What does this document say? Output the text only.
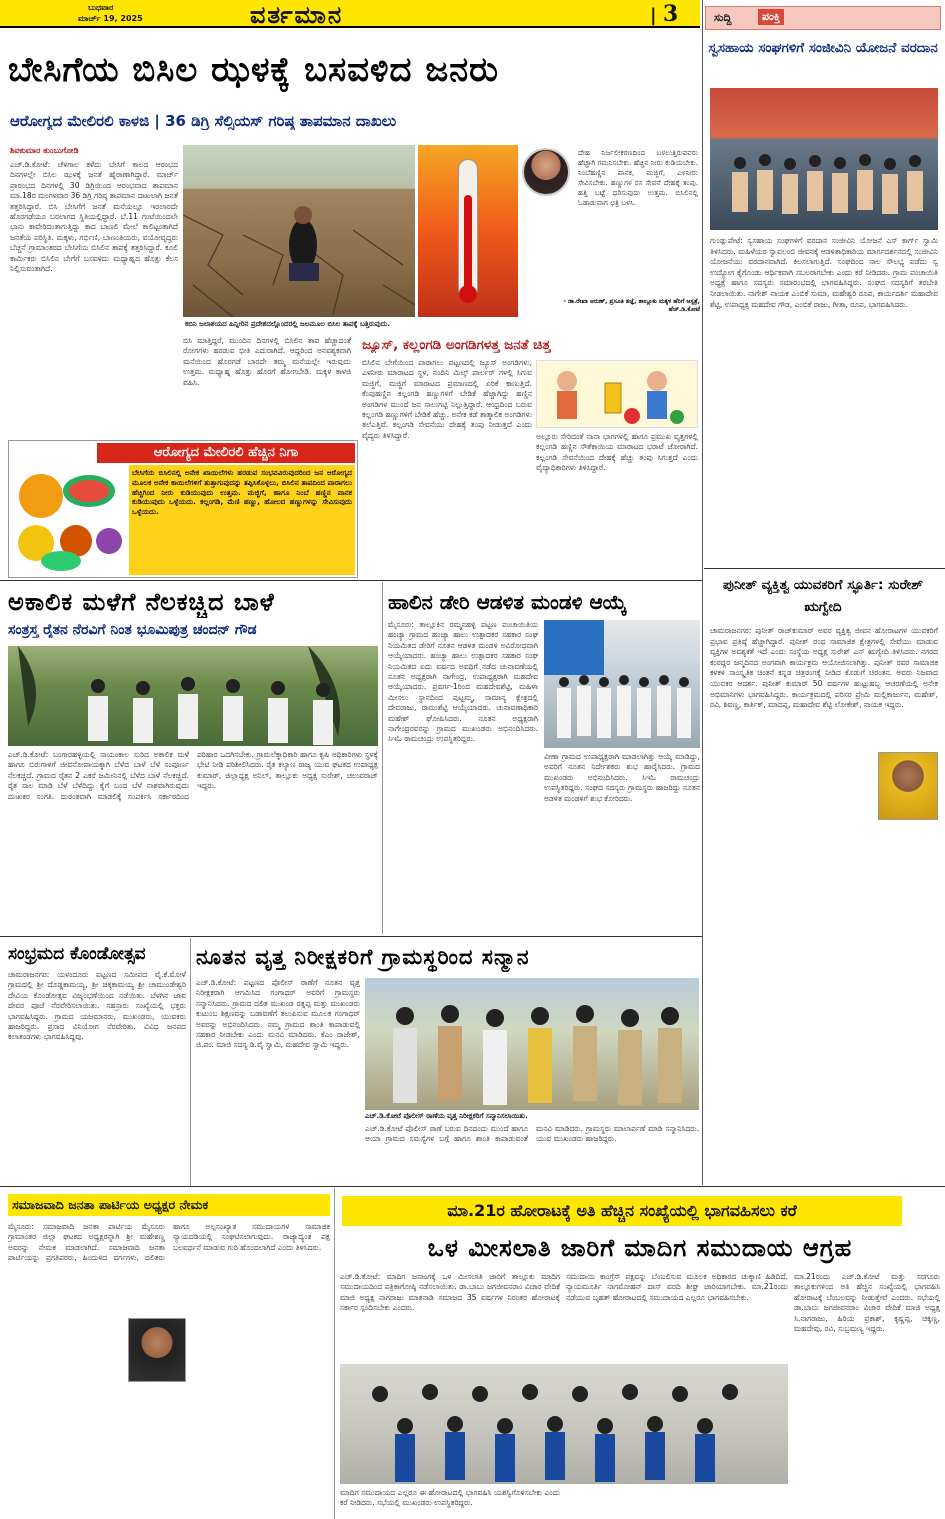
ಬುಧವಾರ
ಮಾರ್ಚ್ 19, 2025	ವರ್ತಮಾನ	| 3	ಸುದ್ದಿ	ಪಂಕ್ತಿ
ಬೇಸಿಗೆಯ ಬಿಸಿಲ ಝಳಕ್ಕೆ ಬಸವಳಿದ ಜನರು
ಆರೋಗ್ಯದ ಮೇಲಿರಲಿ ಕಾಳಜಿ | 36 ಡಿಗ್ರಿ ಸೆಲ್ಸಿಯಸ್ ಗರಿಷ್ಠ ತಾಪಮಾನ ದಾಖಲು
ಶಿವಕುಮಾರ ತುಂಬುಗೋಡಿ
ಎಚ್.ಡಿ.ಕೋಟೆ: ಚೆಳಿಗಾಲ ಕಳೆದು ಬೇಸಿಗೆ ಕಾಲದ ಆರಂಭದ ದಿನಗಳಲ್ಲೇ ಬಿಸಿಲ ಝಳಕ್ಕೆ ಜನತೆ ಹೈರಾಣಾಗಿದ್ದಾರೆ. ಮಾರ್ಚ್ ಪ್ರಾರಂಭದ ದಿನಗಳಲ್ಲಿ 30 ಡಿಗ್ರಿಯಿಂದ ಆರಂಭವಾದ ತಾಪಮಾನ ಮಾ.18ರ ಮಂಗಳವಾರ 36 ಡಿಗ್ರಿ ಗರಿಷ್ಠ ತಾಪಮಾನ ದಾಖಲಾಗಿ ಜನತೆ ತತ್ತರಿಸಿದ್ದಾರೆ. ಬಿಸಿ ಬೇಸಿಗೆಗೆ ಜನತೆ ಮನೆಯಲ್ಲೂ ಇರಲಾರದೇ ಹೊರಗಡೆಯೂ ಬರಲಾಗದ ಸ್ಥಿತಿಯಲ್ಲಿದ್ದಾರೆ. ಬೆ.11 ಗಂಟೆಯಿಂದಲೇ ಭಾನು ಕಾವೇರಿದಂತಾಗುತ್ತಿದ್ದು ಕಾದ ಬಾಣಲಿ ಮೇಲೆ ಕಾಲಿಟ್ಟಂತಾಗಿದೆ ಜನತೆಯ ಪರಿಸ್ಥಿತಿ. ಮಕ್ಕಳು, ಗರ್ಭಿಣಿ, ಬಾಣಂತಿಯರು, ವಯೋವೃದ್ಧರು ಬೆಚ್ಚನೆ ಗ್ರಾಮಾಂತರದ ಬೇಸಿಗೆಯ ಬಿಸಿಲಿನ ತಾಪಕ್ಕೆ ತತ್ತರಿಸಿದ್ದಾರೆ. ಕೂಲಿ ಕಾರ್ಮಿಕರು ಬಿಸಿಲಿನ ಬೇಗೆಗೆ ಬಸವಳಿದು ಮಧ್ಯಾಹ್ನದ ಹೊತ್ತು ಕೆಲಸ ನಿಲ್ಲಿಸುವಂತಾಗಿದೆ.
ದೇಹ ನಿರ್ಜಲೀಕರಣದಿಂದ ಬಳಲುತ್ತಿರುವವರು ಹೆಚ್ಚಾಗಿ ಗಮನಿಸಬೇಕು. ಹೆಚ್ಚಿನ ನೀರು ಕುಡಿಯಬೇಕು. ನಿಂಬೆಹಣ್ಣಿನ ಪಾನಕ, ಮಜ್ಜಿಗೆ, ಎಳನೀರು ಸೇವಿಸಬೇಕು. ಹಣ್ಣುಗಳ ರಸ ಸೇವನೆ ದೇಹಕ್ಕೆ ತಂಪು. ಹತ್ತಿ ಬಟ್ಟೆ ಧರಿಸುವುದು ಉತ್ತಮ. ಬಿಸಿಲಿನಲ್ಲಿ ಓಡಾಡುವಾಗ ಛತ್ರಿ ಬಳಸಿ.
- ಡಾ.ರೇಖಾ ಅರುಣ್, ಪ್ರಸೂತಿ ತಜ್ಞೆ, ತಾಲ್ಲೂಕು ಮಕ್ಕಳ ಹೆರಿಗೆ ಆಸ್ಪತ್ರೆ, ಹೆಚ್.ಡಿ.ಕೋಟೆ
ಕಬಿನಿ ಜಲಾಶಯದ ಹಿನ್ನೀರಿನ ಪ್ರದೇಶದಲ್ಲೊಂದರಲ್ಲಿ ಜಲಮೂಲ ಬಿಸಿಲ ತಾಪಕ್ಕೆ ಬತ್ತಿರುವುದು.
ಬಿಸಿ ಮಾತ್ತಿದ್ದರೆ, ಮುಂದಿನ ದಿನಗಳಲ್ಲಿ ಬಿಸಿಲಿನ ತಾಪ ಹೆಚ್ಚಾದಂತೆ ರೋಗಗಳು ಹರಡುವ ಭೀತಿ ಎದುರಾಗಿದೆ. ಆದ್ದರಿಂದ ಅನವಶ್ಯಕವಾಗಿ ಮನೆಯಿಂದ ಹೊರಗಡೆ ಬಾರದೇ ತಮ್ಮ ಮನೆಯಲ್ಲೇ ಇರುವುದು ಉತ್ತಮ. ಮಧ್ಯಾಹ್ನ ಹೊತ್ತು ಹೊರಗೆ ಹೋಗಬೇಡಿ. ಮಕ್ಕಳ ಕಾಳಜಿ ವಹಿಸಿ.
ಜ್ಯೂಸ್, ಕಲ್ಲಂಗಡಿ ಅಂಗಡಿಗಳತ್ತ ಜನತೆ ಚಿತ್ತ
ಬಿಸಿಲಿನ ಬೇಗೆಯಿಂದ ಪಾರಾಗಲು ಪಟ್ಟಣದಲ್ಲಿ ಜ್ಯೂಸ್ ಅಂಗಡಿಗಳು, ಎಳನೀರು ಮಾರಾಟದ ಸ್ಥಳ, ನಂದಿನಿ ಮಿಲ್ಕ್ ಪಾರ್ಲರ್ ಗಳಲ್ಲಿ ಸಿಗುವ ಮಜ್ಜಿಗೆ, ಮಜ್ಜಿಗೆ ಮಾರಾಟದ ಪ್ರಮಾಣದಲ್ಲಿ ಏರಿಕೆ ಕಾಣುತ್ತಿದೆ. ಕೆಂಪುಹಣ್ಣಿನ ಕಲ್ಲಂಗಡಿ ಹಣ್ಣುಗಳಿಗೆ ಬೇಡಿಕೆ ಹೆಚ್ಚಾಗಿದ್ದು ಹಣ್ಣಿನ ಅಂಗಡಿಗಳ ಮುಂದೆ ಜನ ಸಾಲುಗಟ್ಟಿ ನಿಲ್ಲುತ್ತಿದ್ದಾರೆ. ಆಂಧ್ರದಿಂದ ಬರುವ ಕಲ್ಲಂಗಡಿ ಹಣ್ಣುಗಳಿಗೆ ಬೇಡಿಕೆ ಹೆಚ್ಚು. ಅನೇಕ ಕಡೆ ತಾತ್ಕಾಲಿಕ ಅಂಗಡಿಗಳು ತಲೆಎತ್ತಿವೆ. ಕಲ್ಲಂಗಡಿ ಸೇವನೆಯು ದೇಹಕ್ಕೆ ತಂಪು ನೀಡುತ್ತದೆ ಎಂದು ವೈದ್ಯರು ತಿಳಿಸಿದ್ದಾರೆ.	ಅಲ್ಲೂರು ಸೇರಿದಂತೆ ನಾನಾ ಭಾಗಗಳಲ್ಲಿ ಹಾಗೂ ಪ್ರಮುಖ ವೃತ್ತಗಳಲ್ಲಿ ಕಲ್ಲಂಗಡಿ ಹಣ್ಣಿನ ಸೌತೆಕಾಯಿಯ ಮಾರಾಟದ ಭರಾಟೆ ಜೋರಾಗಿದೆ. ಕಲ್ಲಂಗಡಿ ಸೇವನೆಯಿಂದ ದೇಹಕ್ಕೆ ಹೆಚ್ಚು ತಂಪು ಸಿಗುತ್ತದೆ ಎಂದು ವೈದ್ಯಾಧಿಕಾರಿಗಳು ತಿಳಿಸಿದ್ದಾರೆ.
ಆರೋಗ್ಯದ ಮೇಲಿರಲಿ ಹೆಚ್ಚಿನ ನಿಗಾ
ಬೇಸಿಗೆಯ ಬಿಸಿಲಿನಲ್ಲಿ ಅನೇಕ ಖಾಯಿಲೆಗಳು ಹರಡುವ ಸಂಭವವಿರುವುದರಿಂದ ಜನ ಆರೋಗ್ಯದ ಮೂಲಕ ಅನೇಕ ಕಾಯಿಲೆಗಳಿಗೆ ತುತ್ತಾಗುವುದನ್ನು ತಪ್ಪಿಸಿಕೊಳ್ಳಲು, ಬಿಸಿಲಿನ ತಾಪದಿಂದ ಪಾರಾಗಲು ಹೆಚ್ಚಿಗಿಂದ ನೀರು ಕುಡಿಯುವುದು ಉತ್ತಮ. ಮಜ್ಜಿಗೆ, ಹಾಗೂ ನಿಂಬೆ ಹಣ್ಣಿನ ಪಾನಕ ಕುಡಿಯುವುದು ಒಳ್ಳೆಯದು. ಕಲ್ಲಂಗಡಿ, ಮೆಣಿ ಹಣ್ಣು, ಹೋಲದ ಹಣ್ಣುಗಳನ್ನು ಸೇವಿಸುವುದು ಒಳ್ಳೆಯದು.
ಸ್ವಸಹಾಯ ಸಂಘಗಳಿಗೆ ಸಂಜೀವಿನಿ ಯೋಜನೆ ವರದಾನ
ಗುಂಡ್ಲುಪೇಟೆ: ಸ್ವಸಹಾಯ ಸಂಘಗಳಿಗೆ ವರದಾನ ಸಂಜೀವಿನಿ ಯೋಜನೆ ಎಸ್ ಕಾರ್ಗ್ ಸ್ವಾಮಿ ತಿಳಿಸಿದರು. ಮಹಿಳೆಯರ ಸ್ವಾವಲಂಬಿ ಜೀವನಕ್ಕೆ ಆಡಳಿತಾಧಿಕಾರಿಯ ಮಾರ್ಗದರ್ಶನದಲ್ಲಿ ಸಂಜೀವಿನಿ ಯೋಜನೆಯು ವರದಾನವಾಗಿದೆ. ಕಿಲಸಲಾಗುತ್ತಿದೆ. ಸಂಘದಿಂದ ಸಾಲ ಸೌಲಭ್ಯ ಪಡೆದು ಸ್ವ ಉದ್ಯೋಗ ಕೈಗೊಂಡು ಆರ್ಥಿಕವಾಗಿ ಸಬಲರಾಗಬೇಕು ಎಂದು ಕರೆ ನೀಡಿದರು. ಗ್ರಾಮ ಪಂಚಾಯಿತಿ ಅಧ್ಯಕ್ಷೆ ಹಾಗೂ ಸದಸ್ಯರು ಸಮಾರಂಭದಲ್ಲಿ ಭಾಗವಹಿಸಿದ್ದರು. ಸಂಘದ ಸದಸ್ಯರಿಗೆ ತರಬೇತಿ ನೀಡಲಾಯಿತು. ನಾಗೇಶ್ ನಾಯಕ ಎಂಬಿಕೆ ಸುಮಾ, ಮಹೇಶ್ವರಿ ರೂಪ, ಕಾರ್ಯದರ್ಶಿ ಮಹಾದೇವ ಶೆಟ್ಟಿ, ಉಪಾಧ್ಯಕ್ಷ ಮಹದೇವ ಗೌಡ, ಎಂಬಿಕೆ ರಾಜು, ಗೀತಾ, ರೂಪ, ಭಾಗವಹಿಸಿದರು.
ಪುನೀತ್ ವ್ಯಕ್ತಿತ್ವ ಯುವಕರಿಗೆ ಸ್ಫೂರ್ತಿ: ಸುರೇಶ್ ಋಗ್ವೇದಿ
ಚಾಮರಾಜನಗರ: ಪುನೀತ್ ರಾಜ್‌ಕುಮಾರ್ ಅವರ ವ್ಯಕ್ತಿತ್ವ ಜೀವನ ಹೋರಾಟಗಳ ಯುವಕರಿಗೆ ಪ್ರಭಾವ ಪ್ರತಿಷ್ಠೆ ಹೆಚ್ಚಾಗಿದ್ದಾರೆ. ಪುನೀತ್ ರಂಥ ಸಾಮಾಜಿಕ ಕ್ಷೇತ್ರಗಳಲ್ಲಿ ಸೇವೆಯು ಮಾಡುವ ವ್ಯಕ್ತಿಗಳ ಅವಶ್ಯಕತೆ ಇದೆ ಎಂದು ಸಂಸ್ಥೆಯ ಅಧ್ಯಕ್ಷ ಸುರೇಶ್ ಎನ್ ಋಗ್ವೇದಿ ತಿಳಿಸಿದರು. ನಗರದ ಕಂಠದ್ದರ ಜನ್ಮದಿನದ ಅಂಗವಾಗಿ ಕಾರ್ಯಕ್ರಮ ಆಯೋಜಿಸಲಾಗಿತ್ತು. ಪುನೀತ್ ರವರ ಸಾಮಾಜಿಕ ಕಳಕಳಿ ಸಾಂಸ್ಕೃತಿಕ ಚಿಂತನೆ ಕನ್ನಡ ಚಿತ್ರರಂಗಕ್ಕೆ ನೀಡಿದ ಕೊಡುಗೆ ಚಿರಂತನ. ಅವರು ನಿಜವಾದ ಯುವಕರ ಆದರ್ಶ. ಪುನೀತ್ ಕುಮಾರ್ 50 ವರ್ಷಗಳ ಹುಟ್ಟುಹಬ್ಬ ಆಚರಣೆಯಲ್ಲಿ ಅನೇಕ ಅಭಿಮಾನಿಗಳು ಭಾಗವಹಿಸಿದ್ದರು. ಕಾರ್ಯಕ್ರಮದಲ್ಲಿ ಪರಿಸರ ಪ್ರೇಮಿ ಮಲ್ಲಿಕಾರ್ಜುನ, ಮಹೇಶ್, ರವಿ, ಶಿವಣ್ಣ, ಕಾರ್ತಿಕ್, ಮಾದಪ್ಪ, ಮಹಾದೇವ ಶೆಟ್ಟಿ ಲೋಕೇಶ್, ನಾಯಕ ಇದ್ದರು.
ಅಕಾಲಿಕ ಮಳೆಗೆ ನೆಲಕಚ್ಚಿದ ಬಾಳೆ
ಸಂತ್ರಸ್ತ ರೈತನ ನೆರವಿಗೆ ನಿಂತ ಭೂಮಿಪುತ್ರ ಚಂದನ್ ಗೌಡ
ಎಚ್.ಡಿ.ಕೋಟೆ: ಬಂಗಾರಹಳ್ಳಿಯಲ್ಲಿ ಸಾಯಂಕಾಲ ಸುರಿದ ಅಕಾಲಿಕ ಮಳೆ ಹಾಗೂ ಬಿರುಗಾಳಿಗೆ ಜೀವನೋಪಾಯಕ್ಕಾಗಿ ಬೆಳೆದ ಬಾಳೆ ಬೆಳೆ ಸಂಪೂರ್ಣ ನೆಲಕಚ್ಚಿದೆ. ಗ್ರಾಮದ ರೈತನ 2 ಎಕರೆ ಜಮೀನಿನಲ್ಲಿ ಬೆಳೆದ ಬಾಳೆ ನೆಲಕಚ್ಚಿದೆ. ರೈತ ಸಾಲ ಮಾಡಿ ಬೆಳೆ ಬೆಳೆದಿದ್ದು ಕೈಗೆ ಬಂದ ಬೆಳೆ ನಾಶವಾಗಿರುವುದು ದುಃಖಕರ ಸಂಗತಿ. ದುರಂತವಾಗಿ ಮಾಡಲಿಕ್ಕೆ ಸಂಪರ್ಕಿಸಿ ಸರ್ಕಾರದಿಂದ ಪರಿಹಾರ ಒದಗಿಸಬೇಕು. ಗ್ರಾಮಲೆಕ್ಕಾಧಿಕಾರಿ ಹಾಗೂ ಕೃಷಿ ಅಧಿಕಾರಿಗಳು ಸ್ಥಳಕ್ಕೆ ಭೇಟಿ ನೀಡಿ ಪರಿಶೀಲಿಸಿದರು. ರೈತ ಕಲ್ಯಾಣ ರಾಜ್ಯ ಯುವ ಘಟಕದ ಉಪಾಧ್ಯಕ್ಷ ಕುಮಾರ್, ಜಿಲ್ಲಾಧ್ಯಕ್ಷ ಅನಿಲ್, ತಾಲ್ಲೂಕು ಅಧ್ಯಕ್ಷ ಸುರೇಶ್, ಚಲುವರಾಜ್ ಇದ್ದರು.
ಹಾಲಿನ ಡೇರಿ ಆಡಳಿತ ಮಂಡಳಿ ಆಯ್ಕೆ
ಮೈಸೂರು: ತಾಲ್ಲೂಕಿನ ರಮ್ಮನಹಳ್ಳಿ ಪಟ್ಟಣ ಪಂಚಾಯಿತಿಯ ಹಂಚ್ಯಾ ಗ್ರಾಮದ ಹಂಚ್ಯಾ ಹಾಲು ಉತ್ಪಾದಕರ ಸಹಕಾರ ಸಂಘ ನಿಯಮಿತದ ಡೇರಿಗೆ ನೂತನ ಆಡಳಿತ ಮಂಡಳಿ ಅವಿರೋಧವಾಗಿ ಆಯ್ಕೆಯಾದರು. ಹಂಚ್ಯಾ ಹಾಲು ಉತ್ಪಾದಕರ ಸಹಕಾರ ಸಂಘ ನಿಯಮಿತದ ಐದು ವರ್ಷದ ಅವಧಿಗೆ ನಡೆದ ಚುನಾವಣೆಯಲ್ಲಿ ನೂತನ ಅಧ್ಯಕ್ಷರಾಗಿ ನಾಗೇಂದ್ರ, ಉಪಾಧ್ಯಕ್ಷರಾಗಿ ಮಹದೇವ ಆಯ್ಕೆಯಾದರು. ಪ್ರವರ್ಗ-1ರಿಂದ ಮಹದೇವಶೆಟ್ಟಿ, ಮಹಿಳಾ ಮೀಸಲು ಸ್ಥಾನದಿಂದ ಪುಟ್ಟಮ್ಮ, ಸಾಮಾನ್ಯ ಕ್ಷೇತ್ರದಲ್ಲಿ ದೇವರಾಜು, ರಾಮುಶೆಟ್ಟಿ ಆಯ್ಕೆಯಾದರು. ಚುನಾವಣಾಧಿಕಾರಿ ಮಹೇಶ್ ಘೋಷಿಸಿದರು. ನೂತನ ಅಧ್ಯಕ್ಷರಾಗಿ ನಾಗೇಂದ್ರರವರನ್ನು ಗ್ರಾಮದ ಮುಖಂಡರು ಅಭಿನಂದಿಸಿದರು. ಸಿಇಓ ರಾಮಚಂದ್ರು ಉಪಸ್ಥಿತರಿದ್ದರು.
ವೀಣಾ ಗ್ರಾಮದ ಉಪಾಧ್ಯಕ್ಷರಾಗಿ ಮಾಡಲಾಗಿತ್ತು ಆಯ್ಕೆ ಮಾಡಿದ್ದು, ಅವರಿಗೆ ನೂತನ ನಿರ್ದೇಶಕರು ಶುಭ ಹಾರೈಸಿದರು. ಗ್ರಾಮದ ಮುಖಂಡರು ಅಭಿನಂದಿಸಿದರು. ಸಿಇಓ ರಾಮಚಂದ್ರು ಉಪಸ್ಥಿತರಿದ್ದರು. ಸಂಘದ ಸದಸ್ಯರು ಗ್ರಾಮಸ್ಥರು ಹಾಜರಿದ್ದು ನೂತನ ಆಡಳಿತ ಮಂಡಳಿಗೆ ಶುಭ ಕೋರಿದರು.
ಸಂಭ್ರಮದ ಕೊಂಡೋತ್ಸವ
ಚಾಮರಾಜನಗರ: ಯಳಂದೂರು ಪಟ್ಟಣದ ಸಮೀಪದ ವೈ.ಕೆ.ಮೋಳೆ ಗ್ರಾಮದಲ್ಲಿ ಶ್ರೀ ದೊಡ್ಡಕಾಮಯ್ಯ, ಶ್ರೀ ಚಿಕ್ಕಕಾಮಯ್ಯ ಶ್ರೀ ಚಾಮುಂಡೇಶ್ವರಿ ದೇವಿಯ ಕೊಂಡೋತ್ಸವ ವಿಜೃಂಭಣೆಯಿಂದ ನಡೆಯಿತು. ಬೆಳಗಿನ ಜಾವ ದೇವರ ಪೂಜೆ ನೆರವೇರಿಸಲಾಯಿತು. ಸಹಸ್ರಾರು ಸಂಖ್ಯೆಯಲ್ಲಿ ಭಕ್ತರು ಭಾಗವಹಿಸಿದ್ದರು. ಗ್ರಾಮದ ಯಜಮಾನರು, ಮುಖಂಡರು, ಯುವಕರು ಹಾಜರಿದ್ದರು. ಪ್ರಸಾದ ವಿನಿಯೋಗ ನೆರವೇರಿತು. ವಿವಿಧ ಜನಪದ ಕಲಾತಂಡಗಳು ಭಾಗವಹಿಸಿದ್ದವು.
ನೂತನ ವೃತ್ತ ನಿರೀಕ್ಷಕರಿಗೆ ಗ್ರಾಮಸ್ಥರಿಂದ ಸನ್ಮಾನ
ಎಚ್.ಡಿ.ಕೋಟೆ: ಪಟ್ಟಣದ ಪೊಲೀಸ್ ಠಾಣೆಗೆ ನೂತನ ವೃತ್ತ ನಿರೀಕ್ಷಕರಾಗಿ ಆಗಮಿಸಿದ ಗಂಗಾಧರ್ ಅವರಿಗೆ ಗ್ರಾಮಸ್ಥರು ಸನ್ಮಾನಿಸಿದರು. ಗ್ರಾಮದ ದಲಿತ ಮುಖಂಡ ರತ್ನಪ್ಪ ಮತ್ತು ಮುಖಂಡರು ಕುಟುಂಬ ಶಿಕ್ಷಣವನ್ನು ಬಡಾವಣೆಗೆ ತಲುಪಿಸುವ ಮೂಲಕ ಗಂಗಾಧರ್ ಅವರನ್ನು ಅಭಿನಂದಿಸಿದರು. ನಮ್ಮ ಗ್ರಾಮದ ಶಾಂತಿ ಕಾಪಾಡುವಲ್ಲಿ ಸಹಕಾರ ನೀಡಬೇಕು ಎಂದು ಮನವಿ ಮಾಡಿದರು. ಕೆಎಂ ರಾಜೇಶ್, ಜಿ.ಪಂ. ಮಾಜಿ ಸದಸ್ಯ ಡಿ.ವೈ ಸ್ವಾಮಿ, ಮಹದೇವ ಸ್ವಾಮಿ ಇದ್ದರು.
ಎಚ್.ಡಿ.ಕೋಟೆ ಪೊಲೀಸ್ ಠಾಣೆಯ ವೃತ್ತ ನಿರೀಕ್ಷಕರಿಗೆ ಸನ್ಮಾನಿಸಲಾಯಿತು.
ಎಚ್.ಡಿ.ಕೋಟೆ ಪೊಲೀಸ್ ಠಾಣೆ ಬರುವ ದಿನದಂದು ಮುಂದೆ ಹಾಗೂ ಆಯಾ ಗ್ರಾಮದ ಸಮಸ್ಯೆಗಳ ಬಗ್ಗೆ ಹಾಗೂ ಶಾಂತಿ ಕಾಪಾಡುವಂತೆ ಮನವಿ ಮಾಡಿದರು. ಗ್ರಾಮಸ್ಥರು ಮಾಲಾರ್ಪಣೆ ಮಾಡಿ ಸನ್ಮಾನಿಸಿದರು. ಯುವ ಮುಖಂಡರು ಹಾಜರಿದ್ದರು.
ಸಮಾಜವಾದಿ ಜನತಾ ಪಾರ್ಟಿಯ ಅಧ್ಯಕ್ಷರ ನೇಮಕ
ಮೈಸೂರು: ಸಮಾಜವಾದಿ ಜನತಾ ಪಾರ್ಟಿಯ ಮೈಸೂರು ಗ್ರಾಮಾಂತರ ಜಿಲ್ಲಾ ಘಟಕದ ಅಧ್ಯಕ್ಷರನ್ನಾಗಿ ಶ್ರೀ ಮಹೇಶಣ್ಣ ಅವರನ್ನು ನೇಮಕ ಮಾಡಲಾಗಿದೆ. ಸಮಾಜವಾದಿ ಜನತಾ ಪಾರ್ಟಿಯನ್ನು ಪ್ರಗತಿಪರರು, ಹಿಂದುಳಿದ ವರ್ಗಗಳು, ದಲಿತರು ಹಾಗೂ ಅಲ್ಪಸಂಖ್ಯಾತ ಸಮುದಾಯಗಳ ಸಾಮಾಜಿಕ ನ್ಯಾಯದಡಿಯಲ್ಲಿ ಸಂಘಟಿಸಲಾಗುವುದು. ರಾಜ್ಯಾದ್ಯಂತ ಪಕ್ಷ ಬಲವರ್ಧನೆ ಮಾಡುವ ಗುರಿ ಹೊಂದಲಾಗಿದೆ ಎಂದು ತಿಳಿಸಿದರು.
ಮಾ.21ರ ಹೋರಾಟಕ್ಕೆ ಅತಿ ಹೆಚ್ಚಿನ ಸಂಖ್ಯೆಯಲ್ಲಿ ಭಾಗವಹಿಸಲು ಕರೆ
ಒಳ ಮೀಸಲಾತಿ ಜಾರಿಗೆ ಮಾದಿಗ ಸಮುದಾಯ ಆಗ್ರಹ
ಎಚ್.ಡಿ.ಕೋಟೆ: ಮಾದಿಗ ಜನಾಂಗಕ್ಕೆ ಒಳ ಮೀಸಲಾತಿ ಜಾರಿಗೆ ತಾಲ್ಲೂಕು ಮಾದಿಗ ಸಮುದಾಯದಿಂದ ಪತ್ರಿಕಾಗೋಷ್ಠಿ ನಡೆಸಲಾಯಿತು. ಡಾ.ಬಾಬು ಜಗಜೀವನರಾಂ ವಿಚಾರ ವೇದಿಕೆ ಮಾಜಿ ಅಧ್ಯಕ್ಷ ನಾಗರಾಜು ಮಾತನಾಡಿ ಸಮಾಜದ 35 ವರ್ಷಗಳ ನಿರಂತರ ಹೋರಾಟಕ್ಕೆ ಸರ್ಕಾರ ಸ್ಪಂದಿಸಬೇಕು ಎಂದರು.
ಸಮುದಾಯ ಕಾಂಗ್ರೆಸ್ ಪಕ್ಷವನ್ನು ಬೆಂಬಲಿಸುವ ಮೂಲಕ ಅಧಿಕಾರದ ಚುಕ್ಕಾಣಿ ಹಿಡಿದಿದೆ. ನ್ಯಾಯಮೂರ್ತಿ ನಾಗಮೋಹನ್ ದಾಸ್ ವರದಿ ಶೀಘ್ರ ಜಾರಿಯಾಗಬೇಕು. ಮಾ.21ರಂದು ನಡೆಯುವ ಬೃಹತ್ ಹೋರಾಟದಲ್ಲಿ ಸಮುದಾಯದ ಎಲ್ಲರೂ ಭಾಗವಹಿಸಬೇಕು.
ಮಾದಿಗ ಸಮುದಾಯದ ಎಲ್ಲರೂ ಈ ಹೋರಾಟದಲ್ಲಿ ಭಾಗವಹಿಸಿ ಯಶಸ್ವಿಗೊಳಿಸಬೇಕು ಎಂದು ಕರೆ ನೀಡಿದರು. ಸಭೆಯಲ್ಲಿ ಮುಖಂಡರು ಉಪಸ್ಥಿತರಿದ್ದರು.
ಮಾ.21ರಂದು ಎಚ್.ಡಿ.ಕೋಟೆ ಮತ್ತು ಸರಗೂರು ತಾಲ್ಲೂಕುಗಳಿಂದ ಅತಿ ಹೆಚ್ಚಿನ ಸಂಖ್ಯೆಯಲ್ಲಿ ಭಾಗವಹಿಸಿ ಹೋರಾಟಕ್ಕೆ ಬೆಂಬಲವನ್ನು ನೀಡುತ್ತೇವೆ ಎಂದರು. ಸಭೆಯಲ್ಲಿ ಡಾ.ಬಾಬು ಜಗಜೀವನರಾಂ ವಿಚಾರ ವೇದಿಕೆ ಮಾಜಿ ಅಧ್ಯಕ್ಷ ಸಿ.ನಾಗರಾಜು, ಹಿರಿಯ ಪ್ರಕಾಶ್, ಕೃಷ್ಣಪ್ಪ, ಚಿಕ್ಕಣ್ಣ, ಮಹದೇವು, ರವಿ, ಸುಬ್ರಮಣ್ಯ ಇದ್ದರು.
